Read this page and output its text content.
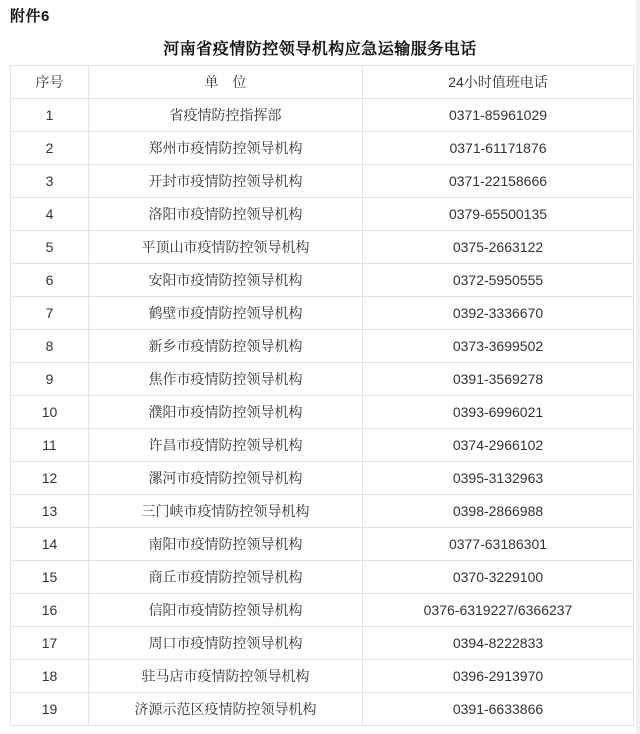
附件6
河南省疫情防控领导机构应急运输服务电话
序号	单　位	24小时值班电话
1	省疫情防控指挥部	0371-85961029
2	郑州市疫情防控领导机构	0371-61171876
3	开封市疫情防控领导机构	0371-22158666
4	洛阳市疫情防控领导机构	0379-65500135
5	平顶山市疫情防控领导机构	0375-2663122
6	安阳市疫情防控领导机构	0372-5950555
7	鹤壁市疫情防控领导机构	0392-3336670
8	新乡市疫情防控领导机构	0373-3699502
9	焦作市疫情防控领导机构	0391-3569278
10	濮阳市疫情防控领导机构	0393-6996021
11	许昌市疫情防控领导机构	0374-2966102
12	漯河市疫情防控领导机构	0395-3132963
13	三门峡市疫情防控领导机构	0398-2866988
14	南阳市疫情防控领导机构	0377-63186301
15	商丘市疫情防控领导机构	0370-3229100
16	信阳市疫情防控领导机构	0376-6319227/6366237
17	周口市疫情防控领导机构	0394-8222833
18	驻马店市疫情防控领导机构	0396-2913970
19	济源示范区疫情防控领导机构	0391-6633866
